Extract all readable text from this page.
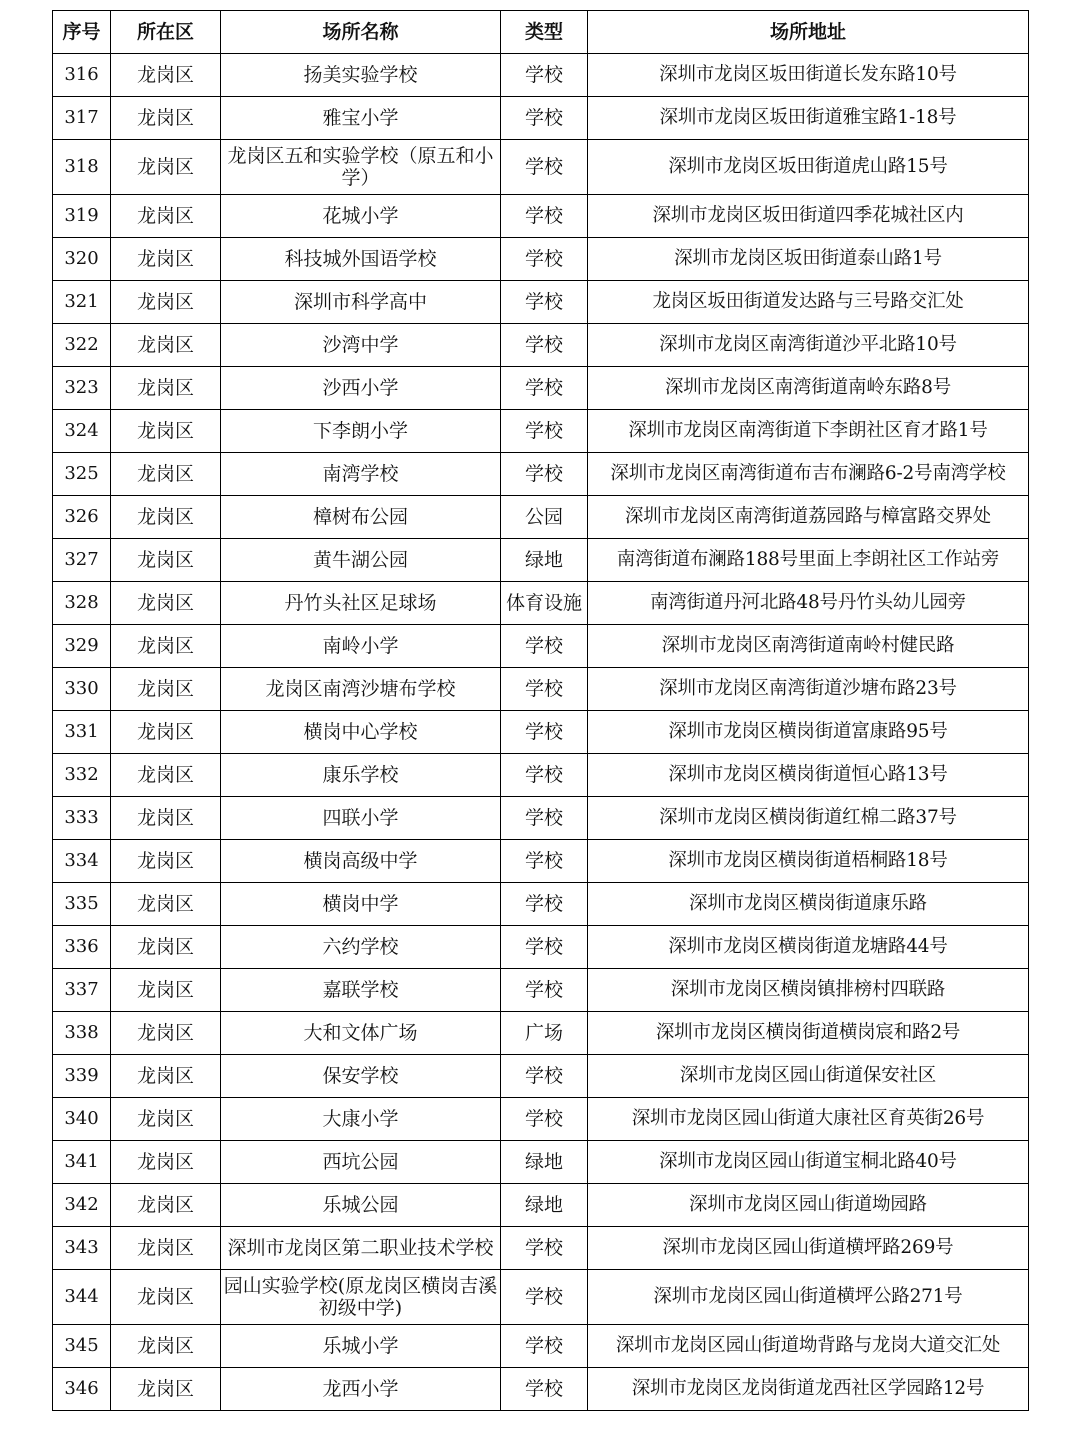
序号	所在区	场所名称	类型	场所地址
316	龙岗区	扬美实验学校	学校	深圳市龙岗区坂田街道长发东路10号
317	龙岗区	雅宝小学	学校	深圳市龙岗区坂田街道雅宝路1-18号
318	龙岗区	龙岗区五和实验学校（原五和小学）	学校	深圳市龙岗区坂田街道虎山路15号
319	龙岗区	花城小学	学校	深圳市龙岗区坂田街道四季花城社区内
320	龙岗区	科技城外国语学校	学校	深圳市龙岗区坂田街道泰山路1号
321	龙岗区	深圳市科学高中	学校	龙岗区坂田街道发达路与三号路交汇处
322	龙岗区	沙湾中学	学校	深圳市龙岗区南湾街道沙平北路10号
323	龙岗区	沙西小学	学校	深圳市龙岗区南湾街道南岭东路8号
324	龙岗区	下李朗小学	学校	深圳市龙岗区南湾街道下李朗社区育才路1号
325	龙岗区	南湾学校	学校	深圳市龙岗区南湾街道布吉布澜路6-2号南湾学校
326	龙岗区	樟树布公园	公园	深圳市龙岗区南湾街道荔园路与樟富路交界处
327	龙岗区	黄牛湖公园	绿地	南湾街道布澜路188号里面上李朗社区工作站旁
328	龙岗区	丹竹头社区足球场	体育设施	南湾街道丹河北路48号丹竹头幼儿园旁
329	龙岗区	南岭小学	学校	深圳市龙岗区南湾街道南岭村健民路
330	龙岗区	龙岗区南湾沙塘布学校	学校	深圳市龙岗区南湾街道沙塘布路23号
331	龙岗区	横岗中心学校	学校	深圳市龙岗区横岗街道富康路95号
332	龙岗区	康乐学校	学校	深圳市龙岗区横岗街道恒心路13号
333	龙岗区	四联小学	学校	深圳市龙岗区横岗街道红棉二路37号
334	龙岗区	横岗高级中学	学校	深圳市龙岗区横岗街道梧桐路18号
335	龙岗区	横岗中学	学校	深圳市龙岗区横岗街道康乐路
336	龙岗区	六约学校	学校	深圳市龙岗区横岗街道龙塘路44号
337	龙岗区	嘉联学校	学校	深圳市龙岗区横岗镇排榜村四联路
338	龙岗区	大和文体广场	广场	深圳市龙岗区横岗街道横岗宸和路2号
339	龙岗区	保安学校	学校	深圳市龙岗区园山街道保安社区
340	龙岗区	大康小学	学校	深圳市龙岗区园山街道大康社区育英街26号
341	龙岗区	西坑公园	绿地	深圳市龙岗区园山街道宝桐北路40号
342	龙岗区	乐城公园	绿地	深圳市龙岗区园山街道坳园路
343	龙岗区	深圳市龙岗区第二职业技术学校	学校	深圳市龙岗区园山街道横坪路269号
344	龙岗区	园山实验学校(原龙岗区横岗吉溪初级中学)	学校	深圳市龙岗区园山街道横坪公路271号
345	龙岗区	乐城小学	学校	深圳市龙岗区园山街道坳背路与龙岗大道交汇处
346	龙岗区	龙西小学	学校	深圳市龙岗区龙岗街道龙西社区学园路12号
